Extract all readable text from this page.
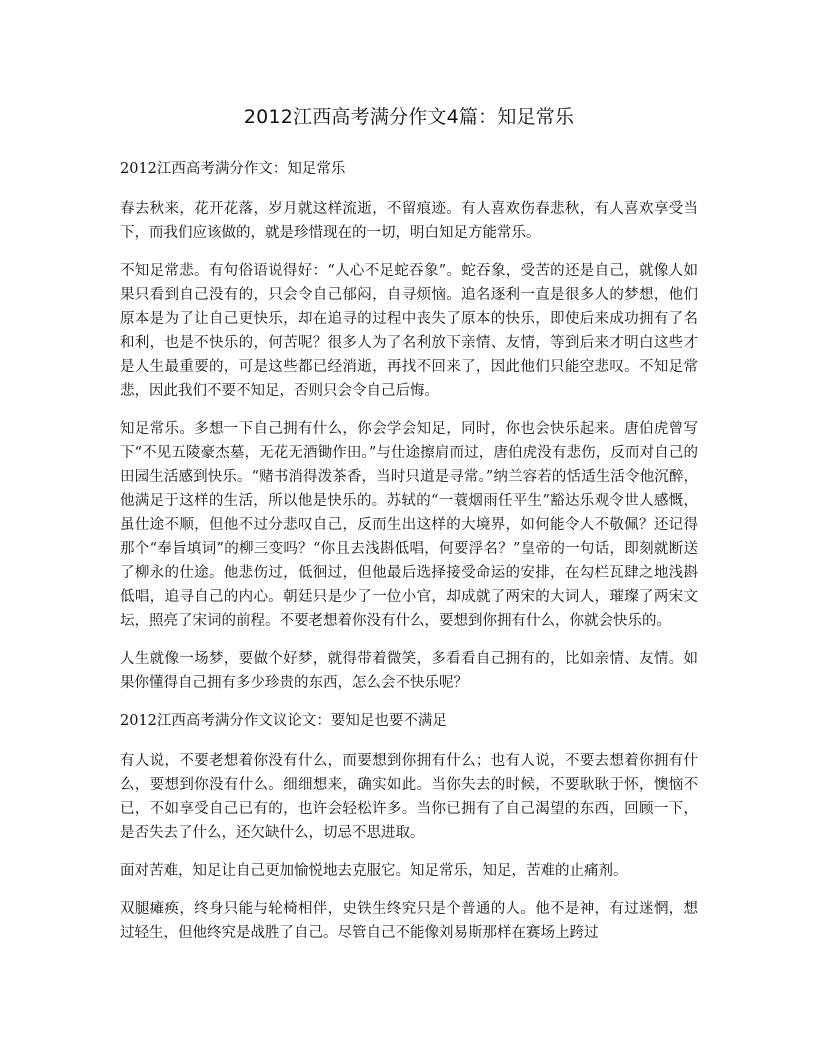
2012江西高考满分作文4篇：知足常乐
2012江西高考满分作文：知足常乐

春去秋来，花开花落，岁月就这样流逝，不留痕迹。有人喜欢伤春悲秋，有人喜欢享受当下，而我们应该做的，就是珍惜现在的一切，明白知足方能常乐。

不知足常悲。有句俗语说得好：“人心不足蛇吞象”。蛇吞象，受苦的还是自己，就像人如果只看到自己没有的，只会令自己郁闷，自寻烦恼。追名逐利一直是很多人的梦想，他们原本是为了让自己更快乐，却在追寻的过程中丧失了原本的快乐，即使后来成功拥有了名和利，也是不快乐的，何苦呢？很多人为了名利放下亲情、友情，等到后来才明白这些才是人生最重要的，可是这些都已经消逝，再找不回来了，因此他们只能空悲叹。不知足常悲，因此我们不要不知足，否则只会令自己后悔。

知足常乐。多想一下自己拥有什么，你会学会知足，同时，你也会快乐起来。唐伯虎曾写下“不见五陵豪杰墓，无花无酒锄作田。”与仕途擦肩而过，唐伯虎没有悲伤，反而对自己的田园生活感到快乐。“赌书消得泼茶香，当时只道是寻常。”纳兰容若的恬适生活令他沉醉，他满足于这样的生活，所以他是快乐的。苏轼的“一蓑烟雨任平生”豁达乐观令世人感慨，虽仕途不顺，但他不过分悲叹自己，反而生出这样的大境界，如何能令人不敬佩？还记得那个“奉旨填词”的柳三变吗？“你且去浅斟低唱，何要浮名？”皇帝的一句话，即刻就断送了柳永的仕途。他悲伤过，低徊过，但他最后选择接受命运的安排，在勾栏瓦肆之地浅斟低唱，追寻自己的内心。朝廷只是少了一位小官，却成就了两宋的大词人，璀璨了两宋文坛，照亮了宋词的前程。不要老想着你没有什么，要想到你拥有什么，你就会快乐的。

人生就像一场梦，要做个好梦，就得带着微笑，多看看自己拥有的，比如亲情、友情。如果你懂得自己拥有多少珍贵的东西，怎么会不快乐呢？

2012江西高考满分作文议论文：要知足也要不满足

有人说，不要老想着你没有什么，而要想到你拥有什么；也有人说，不要去想着你拥有什么，要想到你没有什么。细细想来，确实如此。当你失去的时候，不要耿耿于怀，懊恼不已，不如享受自己已有的，也许会轻松许多。当你已拥有了自己渴望的东西，回顾一下，是否失去了什么，还欠缺什么，切忌不思进取。

面对苦难，知足让自己更加愉悦地去克服它。知足常乐，知足，苦难的止痛剂。

双腿瘫痪，终身只能与轮椅相伴，史铁生终究只是个普通的人。他不是神，有过迷惘，想过轻生，但他终究是战胜了自己。尽管自己不能像刘易斯那样在赛场上跨过
